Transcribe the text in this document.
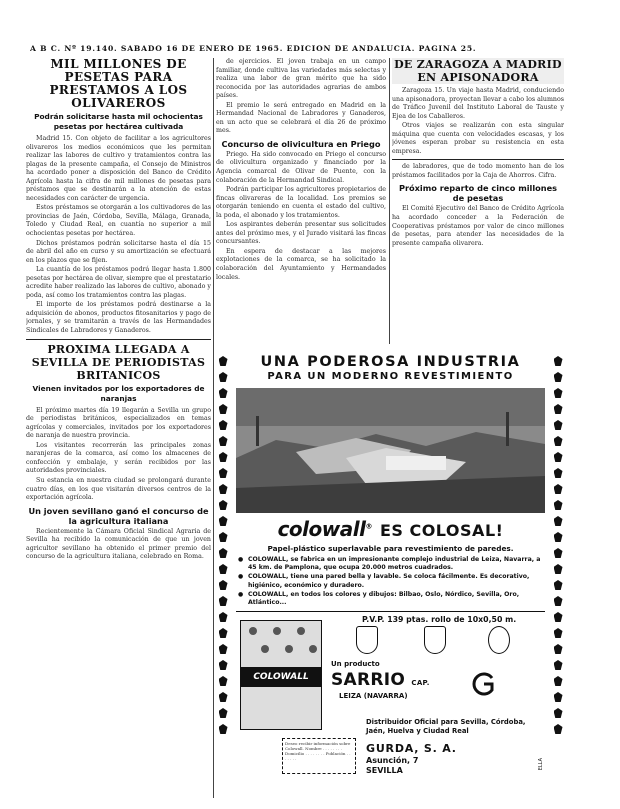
A B C. Nº 19.140. SABADO 16 DE ENERO DE 1965. EDICION DE ANDALUCIA. PAGINA 25.
MIL MILLONES DE PESETAS PARA PRESTAMOS A LOS OLIVAREROS
Podrán solicitarse hasta mil ochocientas pesetas por hectárea cultivada

Madrid 15. Con objeto de facilitar a los agricultores olivareros los medios económicos que les permitan realizar las labores de cultivo y tratamientos contra las plagas de la presente campaña, el Consejo de Ministros ha acordado poner a disposición del Banco de Crédito Agrícola hasta la cifra de mil millones de pesetas para préstamos que se destinarán a la atención de estas necesidades con carácter de urgencia.

Estos préstamos se otorgarán a los cultivadores de las provincias de Jaén, Córdoba, Sevilla, Málaga, Granada, Toledo y Ciudad Real, en cuantía no superior a mil ochocientas pesetas por hectárea.

Dichos préstamos podrán solicitarse hasta el día 15 de abril del año en curso y su amortización se efectuará en los plazos que se fijen.

La cuantía de los préstamos podrá llegar hasta 1.800 pesetas por hectárea de olivar, siempre que el prestatario acredite haber realizado las labores de cultivo, abonado y poda, así como los tratamientos contra las plagas.

El importe de los préstamos podrá destinarse a la adquisición de abonos, productos fitosanitarios y pago de jornales, y se tramitarán a través de las Hermandades Sindicales de Labradores y Ganaderos.

PROXIMA LLEGADA A SEVILLA DE PERIODISTAS BRITANICOS
Vienen invitados por los exportadores de naranjas

El próximo martes día 19 llegarán a Sevilla un grupo de periodistas británicos, especializados en temas agrícolas y comerciales, invitados por los exportadores de naranja de nuestra provincia.

Los visitantes recorrerán las principales zonas naranjeras de la comarca, así como los almacenes de confección y embalaje, y serán recibidos por las autoridades provinciales.

Su estancia en nuestra ciudad se prolongará durante cuatro días, en los que visitarán diversos centros de la exportación agrícola.

Un joven sevillano ganó el concurso de la agricultura italiana

Recientemente la Cámara Oficial Sindical Agraria de Sevilla ha recibido la comunicación de que un joven agricultor sevillano ha obtenido el primer premio del concurso de la agricultura italiana, celebrado en Roma.

de ejercicios. El joven trabaja en un campo familiar, donde cultiva las variedades más selectas y realiza una labor de gran mérito que ha sido reconocida por las autoridades agrarias de ambos países.

El premio le será entregado en Madrid en la Hermandad Nacional de Labradores y Ganaderos, en un acto que se celebrará el día 26 de próximo mes.

Concurso de olivicultura en Priego

Priego. Ha sido convocado en Priego el concurso de olivicultura organizado y financiado por la Agencia comarcal de Olivar de Puente, con la colaboración de la Hermandad Sindical.

Podrán participar los agricultores propietarios de fincas olivareras de la localidad. Los premios se otorgarán teniendo en cuenta el estado del cultivo, la poda, el abonado y los tratamientos.

Los aspirantes deberán presentar sus solicitudes antes del próximo mes, y el Jurado visitará las fincas concursantes.

En espera de destacar a las mejores explotaciones de la comarca, se ha solicitado la colaboración del Ayuntamiento y Hermandades locales.

DE ZARAGOZA A MADRID EN APISONADORA

Zaragoza 15. Un viaje hasta Madrid, conduciendo una apisonadora, proyectan llevar a cabo los alumnos de Tráfico Juvenil del Instituto Laboral de Tauste y Ejea de los Caballeros.

Otros viajes se realizarán con esta singular máquina que cuenta con velocidades escasas, y los jóvenes esperan probar su resistencia en esta empresa.

de labradores, que de todo momento han de los préstamos facilitados por la Caja de Ahorros. Cifra.

Próximo reparto de cinco millones de pesetas

El Comité Ejecutivo del Banco de Crédito Agrícola ha acordado conceder a la Federación de Cooperativas préstamos por valor de cinco millones de pesetas, para atender las necesidades de la presente campaña olivarera.

UNA PODEROSA INDUSTRIA
PARA UN MODERNO REVESTIMIENTO
colowall® ES COLOSAL!
Papel-plástico superlavable para revestimiento de paredes.
● COLOWALL, se fabrica en un impresionante complejo industrial de Leiza, Navarra, a 45 km. de Pamplona, que ocupa 20.000 metros cuadrados.
● COLOWALL, tiene una pared bella y lavable. Se coloca fácilmente. Es decorativo, higiénico, económico y duradero.
● COLOWALL, en todos los colores y dibujos: Bilbao, Oslo, Nórdico, Sevilla, Oro, Atlántico...
P.V.P. 139 ptas. rollo de 10x0,50 m.
COLOWALL
Un producto
SARRIO CAP.
LEIZA (NAVARRA)
Deseo recibir información sobre Colowall. Nombre . . . . . . . . Domicilio . . . . . . . . Población . . . . . . .
Distribuidor Oficial para Sevilla, Córdoba, Jaén, Huelva y Ciudad Real
GURDA, S. A.
Asunción, 7
SEVILLA
ELLA
